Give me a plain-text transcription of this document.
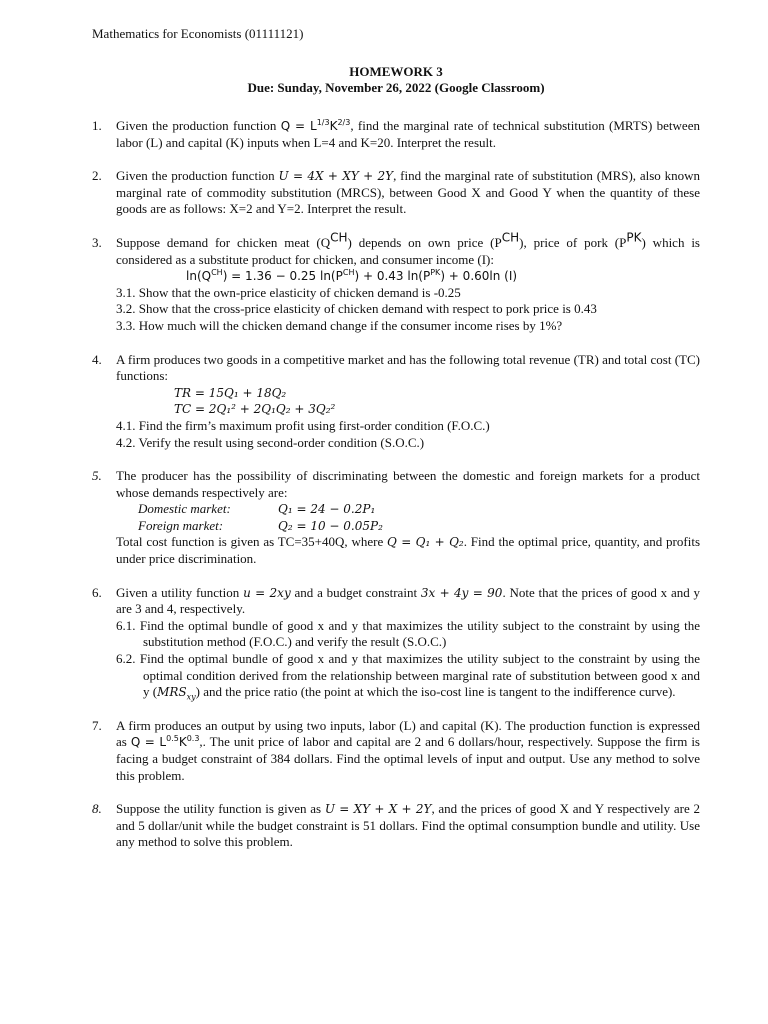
Mathematics for Economists (01111121)

HOMEWORK 3
Due: Sunday, November 26, 2022 (Google Classroom)
1. Given the production function $Q = L^{1/3}K^{2/3}$, find the marginal rate of technical substitution (MRTS) between labor (L) and capital (K) inputs when L=4 and K=20. Interpret the result.
2. Given the production function U = 4X + XY + 2Y, find the marginal rate of substitution (MRS), also known marginal rate of commodity substitution (MRCS), between Good X and Good Y when the quantity of these goods are as follows: X=2 and Y=2. Interpret the result.
3. Suppose demand for chicken meat $(Q^{CH})$ depends on own price $(P^{CH})$, price of pork $(P^{PK})$ which is considered as a substitute product for chicken, and consumer income (I):
$\ln(Q^{CH}) = 1.36 - 0.25$ $\ln(P^{CH}) + 0.43$ $\ln(P^{PK}) + 0.60\ln$ (I)
3.1. Show that the own-price elasticity of chicken demand is -0.25
3.2. Show that the cross-price elasticity of chicken demand with respect to pork price is 0.43
3.3. How much will the chicken demand change if the consumer income rises by 1%?
4. A firm produces two goods in a competitive market and has the following total revenue (TR) and total cost (TC) functions:
TR = 15Q₁ + 18Q₂
TC = 2Q₁² + 2Q₁Q₂ + 3Q₂²
4.1. Find the firm’s maximum profit using first-order condition (F.O.C.)
4.2. Verify the result using second-order condition (S.O.C.)
5. The producer has the possibility of discriminating between the domestic and foreign markets for a product whose demands respectively are:
Domestic market:	Q₁ = 24 − 0.2P₁
Foreign market:	Q₂ = 10 − 0.05P₂
Total cost function is given as TC=35+40Q, where Q = Q₁ + Q₂. Find the optimal price, quantity, and profits under price discrimination.
6. Given a utility function u = 2xy and a budget constraint 3x + 4y = 90. Note that the prices of good x and y are 3 and 4, respectively.
6.1. Find the optimal bundle of good x and y that maximizes the utility subject to the constraint by using the substitution method (F.O.C.) and verify the result (S.O.C.)
6.2. Find the optimal bundle of good x and y that maximizes the utility subject to the constraint by using the optimal condition derived from the relationship between marginal rate of substitution between good x and y $(MRS_{xy})$ and the price ratio (the point at which the iso-cost line is tangent to the indifference curve).
7. A firm produces an output by using two inputs, labor (L) and capital (K). The production function is expressed as $Q = L^{0.5}K^{0.3}$,. The unit price of labor and capital are 2 and 6 dollars/hour, respectively. Suppose the firm is facing a budget constraint of 384 dollars. Find the optimal levels of input and output. Use any method to solve this problem.
8. Suppose the utility function is given as U = XY + X + 2Y, and the prices of good X and Y respectively are 2 and 5 dollar/unit while the budget constraint is 51 dollars. Find the optimal consumption bundle and utility. Use any method to solve this problem.
